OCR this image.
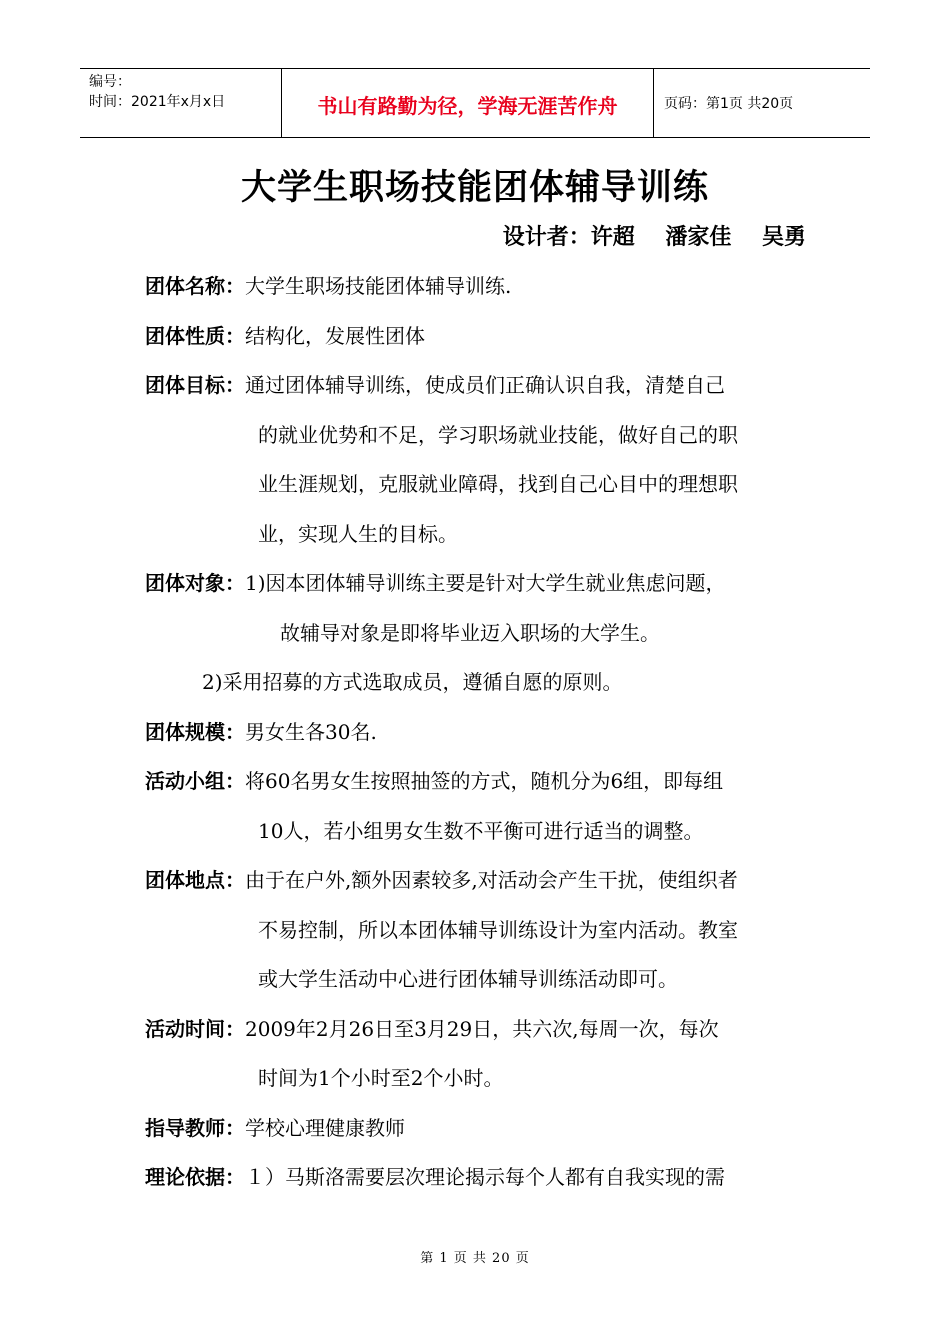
编号：
时间：2021年x月x日	书山有路勤为径，学海无涯苦作舟	页码：第1页 共20页
大学生职场技能团体辅导训练
设计者：许超    潘家佳    吴勇
团体名称：大学生职场技能团体辅导训练.
团体性质：结构化，发展性团体
团体目标：通过团体辅导训练，使成员们正确认识自我，清楚自己
的就业优势和不足，学习职场就业技能，做好自己的职
业生涯规划，克服就业障碍，找到自己心目中的理想职
业，实现人生的目标。
团体对象：1)因本团体辅导训练主要是针对大学生就业焦虑问题，
故辅导对象是即将毕业迈入职场的大学生。
2)采用招募的方式选取成员，遵循自愿的原则。
团体规模：男女生各30名.
活动小组：将60名男女生按照抽签的方式，随机分为6组，即每组
10人，若小组男女生数不平衡可进行适当的调整。
团体地点：由于在户外,额外因素较多,对活动会产生干扰，使组织者
不易控制，所以本团体辅导训练设计为室内活动。教室
或大学生活动中心进行团体辅导训练活动即可。
活动时间：2009年2月26日至3月29日，共六次,每周一次，每次
时间为1个小时至2个小时。
指导教师：学校心理健康教师
理论依据：１）马斯洛需要层次理论揭示每个人都有自我实现的需
第 1 页 共 20 页
